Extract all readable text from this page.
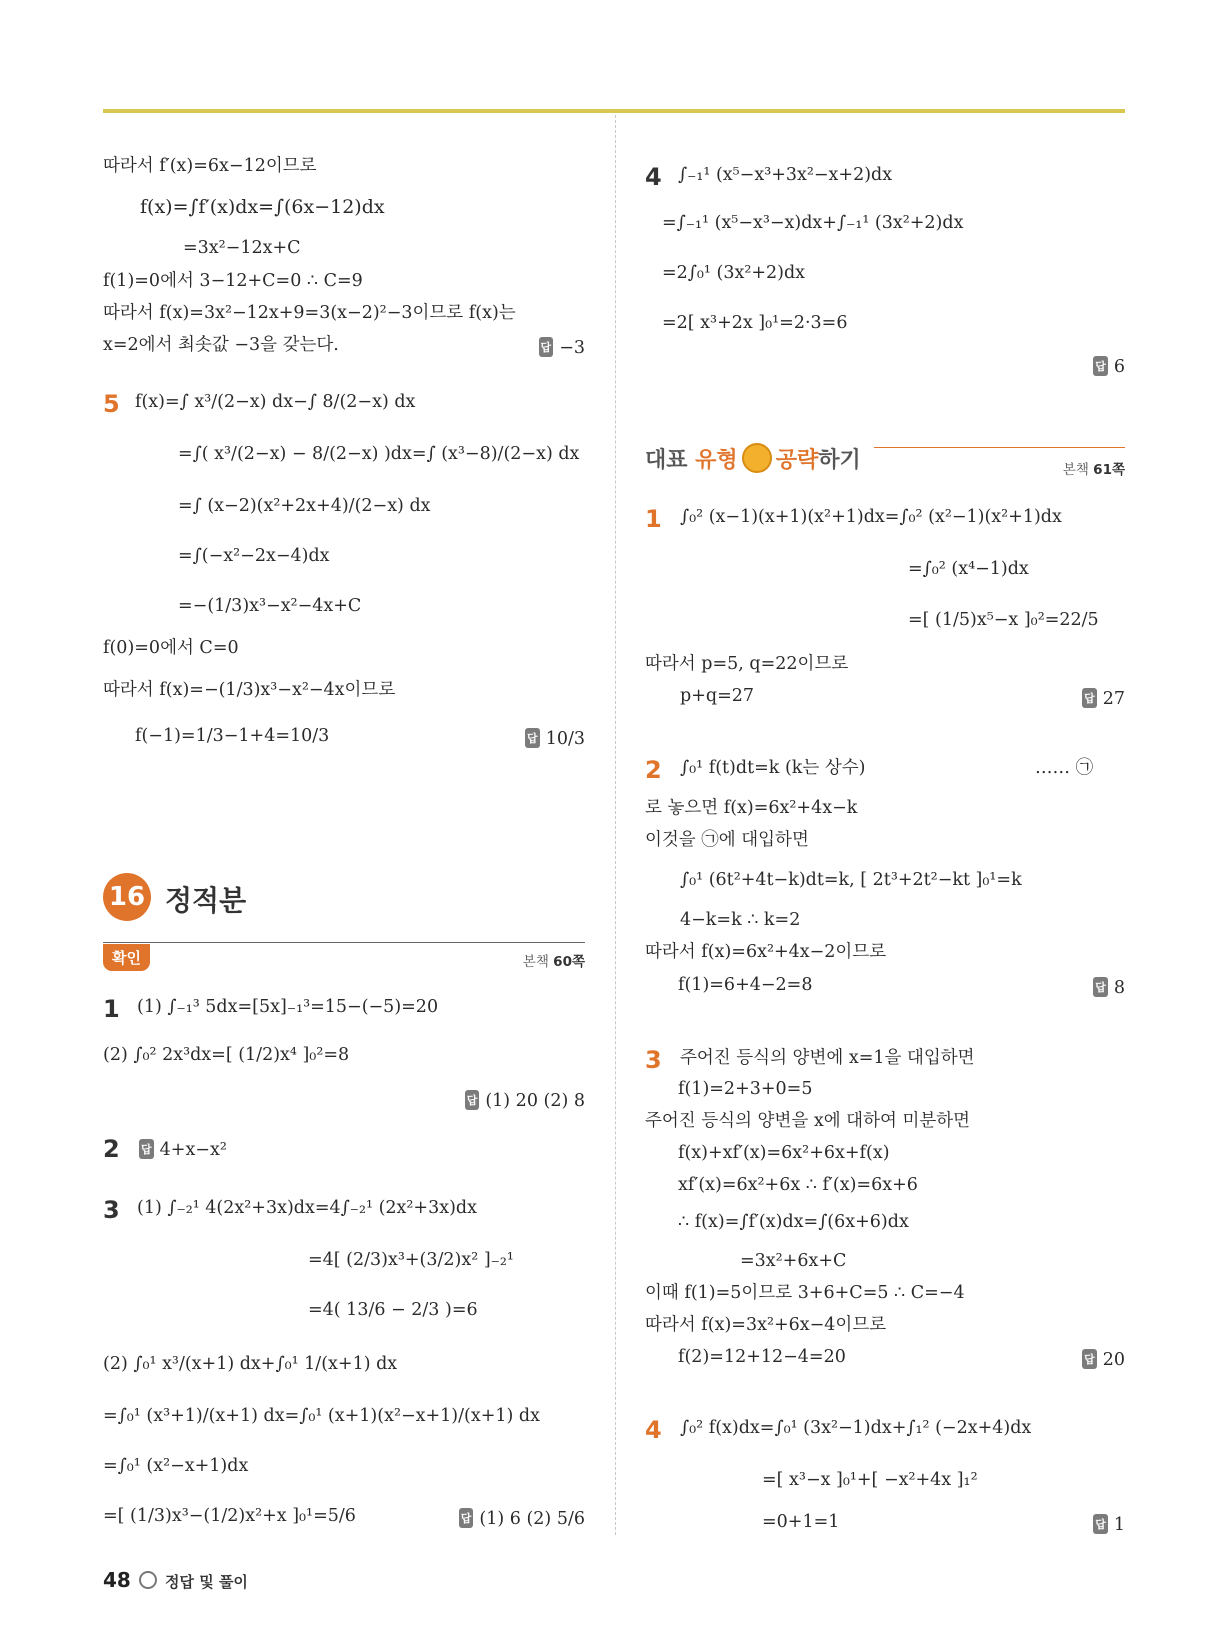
따라서 f′(x)=6x−12이므로
f(x)=∫f′(x)dx=∫(6x−12)dx
=3x²−12x+C
f(1)=0에서 3−12+C=0 ∴ C=9
따라서 f(x)=3x²−12x+9=3(x−2)²−3이므로 f(x)는
x=2에서 최솟값 −3을 갖는다.	답 −3
5 f(x)=∫ x³/(2−x) dx−∫ 8/(2−x) dx
=∫( x³/(2−x) − 8/(2−x) )dx=∫ (x³−8)/(2−x) dx
=∫ (x−2)(x²+2x+4)/(2−x) dx
=∫(−x²−2x−4)dx
=−(1/3)x³−x²−4x+C
f(0)=0에서 C=0
따라서 f(x)=−(1/3)x³−x²−4x이므로
f(−1)=1/3−1+4=10/3	답 10/3
16 정적분
확인	본책 60쪽
1 (1) ∫₋₁³ 5dx=[5x]₋₁³=15−(−5)=20
(2) ∫₀² 2x³dx=[ (1/2)x⁴ ]₀²=8
답 (1) 20 (2) 8
2 답 4+x−x²
3 (1) ∫₋₂¹ 4(2x²+3x)dx=4∫₋₂¹ (2x²+3x)dx
=4[ (2/3)x³+(3/2)x² ]₋₂¹
=4( 13/6 − 2/3 )=6
(2) ∫₀¹ x³/(x+1) dx+∫₀¹ 1/(x+1) dx
=∫₀¹ (x³+1)/(x+1) dx=∫₀¹ (x+1)(x²−x+1)/(x+1) dx
=∫₀¹ (x²−x+1)dx
=[ (1/3)x³−(1/2)x²+x ]₀¹=5/6	답 (1) 6 (2) 5/6
4 ∫₋₁¹ (x⁵−x³+3x²−x+2)dx
=∫₋₁¹ (x⁵−x³−x)dx+∫₋₁¹ (3x²+2)dx
=2∫₀¹ (3x²+2)dx
=2[ x³+2x ]₀¹=2·3=6
답 6
대표 유형 공략하기	본책 61쪽
1 ∫₀² (x−1)(x+1)(x²+1)dx=∫₀² (x²−1)(x²+1)dx
=∫₀² (x⁴−1)dx
=[ (1/5)x⁵−x ]₀²=22/5
따라서 p=5, q=22이므로
p+q=27	답 27
2 ∫₀¹ f(t)dt=k (k는 상수)	…… ㉠
로 놓으면 f(x)=6x²+4x−k
이것을 ㉠에 대입하면
∫₀¹ (6t²+4t−k)dt=k, [ 2t³+2t²−kt ]₀¹=k
4−k=k ∴ k=2
따라서 f(x)=6x²+4x−2이므로
f(1)=6+4−2=8	답 8
3 주어진 등식의 양변에 x=1을 대입하면
f(1)=2+3+0=5
주어진 등식의 양변을 x에 대하여 미분하면
f(x)+xf′(x)=6x²+6x+f(x)
xf′(x)=6x²+6x ∴ f′(x)=6x+6
∴ f(x)=∫f′(x)dx=∫(6x+6)dx
=3x²+6x+C
이때 f(1)=5이므로 3+6+C=5 ∴ C=−4
따라서 f(x)=3x²+6x−4이므로
f(2)=12+12−4=20	답 20
4 ∫₀² f(x)dx=∫₀¹ (3x²−1)dx+∫₁² (−2x+4)dx
=[ x³−x ]₀¹+[ −x²+4x ]₁²
=0+1=1	답 1
48 정답 및 풀이
